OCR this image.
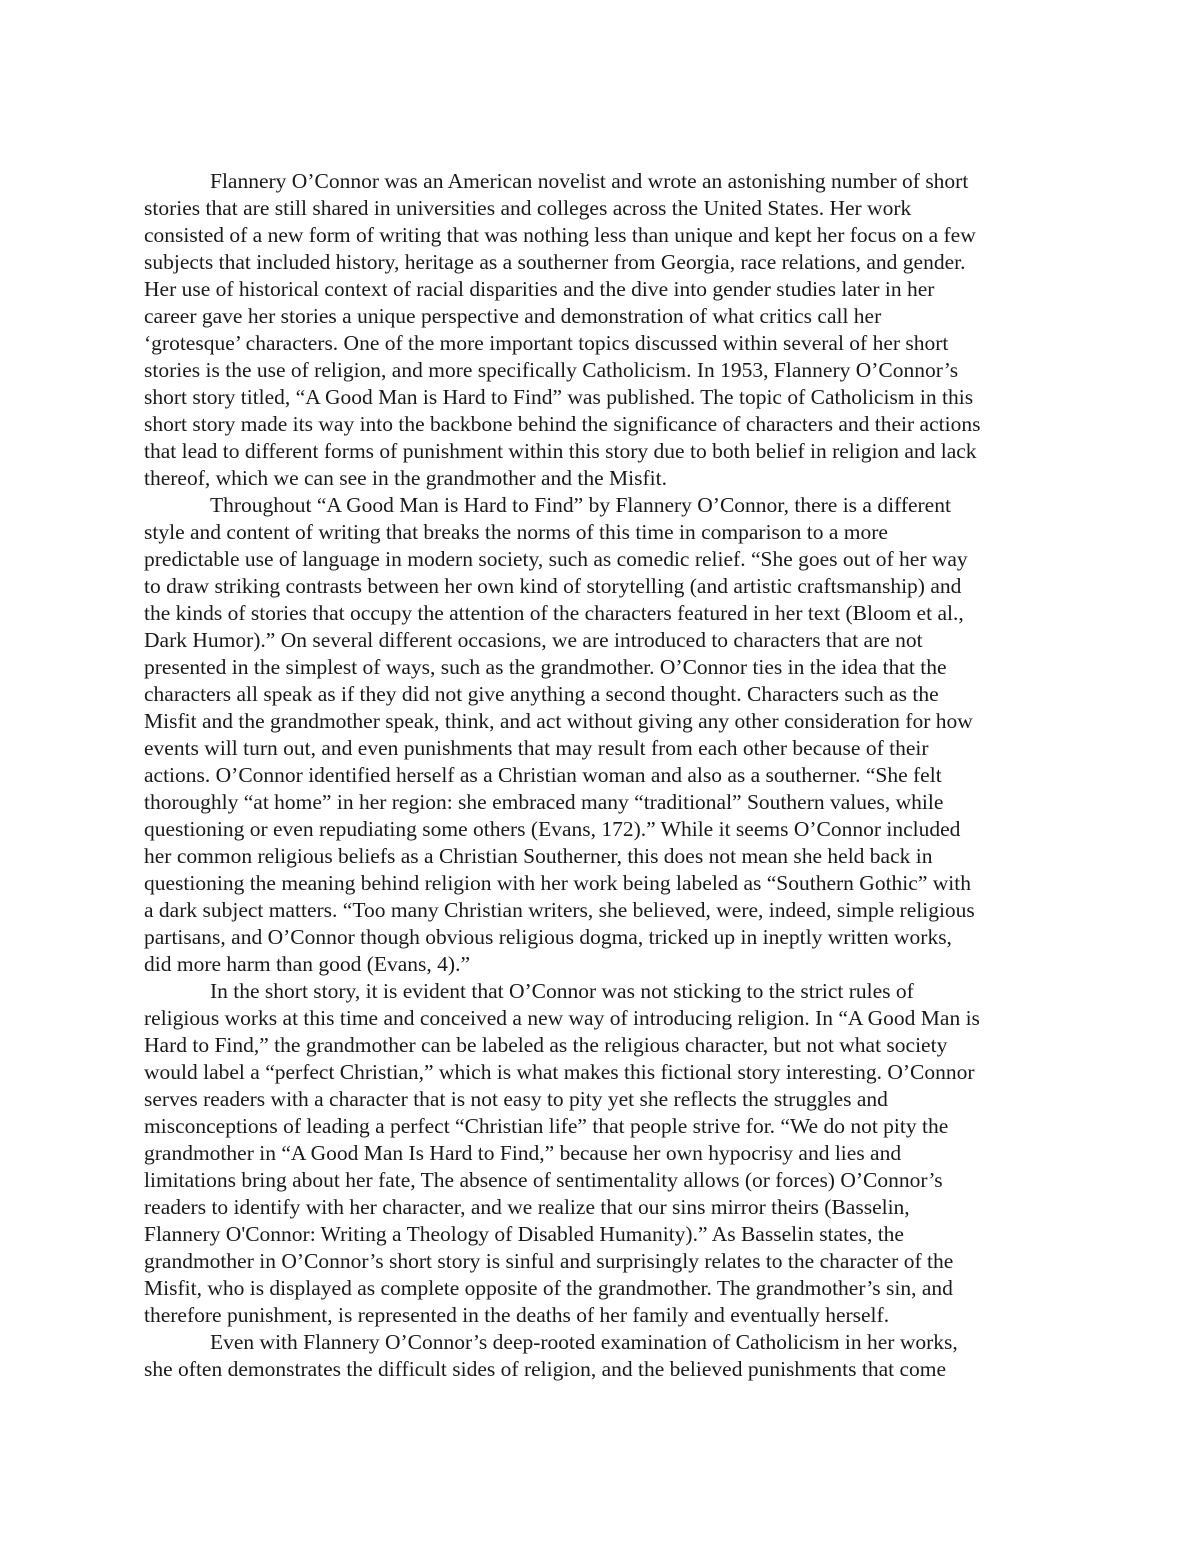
Flannery O’Connor was an American novelist and wrote an astonishing number of short
stories that are still shared in universities and colleges across the United States. Her work
consisted of a new form of writing that was nothing less than unique and kept her focus on a few
subjects that included history, heritage as a southerner from Georgia, race relations, and gender.
Her use of historical context of racial disparities and the dive into gender studies later in her
career gave her stories a unique perspective and demonstration of what critics call her
‘grotesque’ characters. One of the more important topics discussed within several of her short
stories is the use of religion, and more specifically Catholicism. In 1953, Flannery O’Connor’s
short story titled, “A Good Man is Hard to Find” was published. The topic of Catholicism in this
short story made its way into the backbone behind the significance of characters and their actions
that lead to different forms of punishment within this story due to both belief in religion and lack
thereof, which we can see in the grandmother and the Misfit.
Throughout “A Good Man is Hard to Find” by Flannery O’Connor, there is a different
style and content of writing that breaks the norms of this time in comparison to a more
predictable use of language in modern society, such as comedic relief. “She goes out of her way
to draw striking contrasts between her own kind of storytelling (and artistic craftsmanship) and
the kinds of stories that occupy the attention of the characters featured in her text (Bloom et al.,
Dark Humor).” On several different occasions, we are introduced to characters that are not
presented in the simplest of ways, such as the grandmother. O’Connor ties in the idea that the
characters all speak as if they did not give anything a second thought. Characters such as the
Misfit and the grandmother speak, think, and act without giving any other consideration for how
events will turn out, and even punishments that may result from each other because of their
actions. O’Connor identified herself as a Christian woman and also as a southerner. “She felt
thoroughly “at home” in her region: she embraced many “traditional” Southern values, while
questioning or even repudiating some others (Evans, 172).” While it seems O’Connor included
her common religious beliefs as a Christian Southerner, this does not mean she held back in
questioning the meaning behind religion with her work being labeled as “Southern Gothic” with
a dark subject matters. “Too many Christian writers, she believed, were, indeed, simple religious
partisans, and O’Connor though obvious religious dogma, tricked up in ineptly written works,
did more harm than good (Evans, 4).”
In the short story, it is evident that O’Connor was not sticking to the strict rules of
religious works at this time and conceived a new way of introducing religion. In “A Good Man is
Hard to Find,” the grandmother can be labeled as the religious character, but not what society
would label a “perfect Christian,” which is what makes this fictional story interesting. O’Connor
serves readers with a character that is not easy to pity yet she reflects the struggles and
misconceptions of leading a perfect “Christian life” that people strive for. “We do not pity the
grandmother in “A Good Man Is Hard to Find,” because her own hypocrisy and lies and
limitations bring about her fate, The absence of sentimentality allows (or forces) O’Connor’s
readers to identify with her character, and we realize that our sins mirror theirs (Basselin,
Flannery O'Connor: Writing a Theology of Disabled Humanity).” As Basselin states, the
grandmother in O’Connor’s short story is sinful and surprisingly relates to the character of the
Misfit, who is displayed as complete opposite of the grandmother. The grandmother’s sin, and
therefore punishment, is represented in the deaths of her family and eventually herself.
Even with Flannery O’Connor’s deep-rooted examination of Catholicism in her works,
she often demonstrates the difficult sides of religion, and the believed punishments that come
